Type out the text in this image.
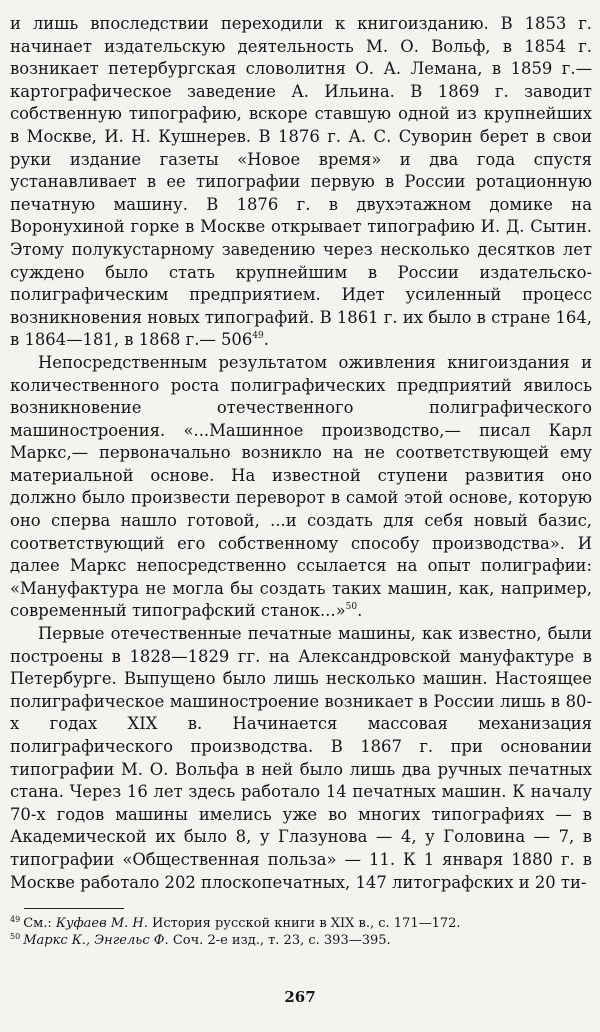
и лишь впоследствии переходили к книгоизданию. В 1853 г. начинает издательскую деятельность М. О. Вольф, в 1854 г. возникает петербургская словолитня О. А. Лемана, в 1859 г.— картографическое заведение А. Ильина. В 1869 г. заводит собственную типографию, вскоре ставшую одной из крупнейших в Москве, И. Н. Кушнерев. В 1876 г. А. С. Суворин берет в свои руки издание газеты «Новое время» и два года спустя устанавливает в ее типографии первую в России ротационную печатную машину. В 1876 г. в двухэтажном домике на Воронухиной горке в Москве открывает типографию И. Д. Сытин. Этому полукустарному заведению через несколько десятков лет суждено было стать крупнейшим в России издательско-полиграфическим предприятием. Идет усиленный процесс возникновения новых типографий. В 1861 г. их было в стране 164, в 1864—181, в 1868 г.— $506^{49}$.

Непосредственным результатом оживления книгоиздания и количественного роста полиграфических предприятий явилось возникновение отечественного полиграфического машиностроения. «...Машинное производство,— писал Карл Маркс,— первоначально возникло на не соответствующей ему материальной основе. На известной ступени развития оно должно было произвести переворот в самой этой основе, которую оно сперва нашло готовой, ...и создать для себя новый базис, соответствующий его собственному способу производства». И далее Маркс непосредственно ссылается на опыт полиграфии: «Мануфактура не могла бы создать таких машин, как, например, современный типографский станок...»$^{50}$.

Первые отечественные печатные машины, как известно, были построены в 1828—1829 гг. на Александровской мануфактуре в Петербурге. Выпущено было лишь несколько машин. Настоящее полиграфическое машиностроение возникает в России лишь в 80-х годах XIX в. Начинается массовая механизация полиграфического производства. В 1867 г. при основании типографии М. О. Вольфа в ней было лишь два ручных печатных стана. Через 16 лет здесь работало 14 печатных машин. К началу 70-х годов машины имелись уже во многих типографиях — в Академической их было 8, у Глазунова — 4, у Головина — 7, в типографии «Общественная польза» — 11. К 1 января 1880 г. в Москве работало 202 плоскопечатных, 147 литографских и 20 ти-

$^{49}$ См.: Куфаев М. Н. История русской книги в XIX в., с. 171—172.
$^{50}$ Маркс К., Энгельс Ф. Соч. 2-е изд., т. 23, с. 393—395.
267
